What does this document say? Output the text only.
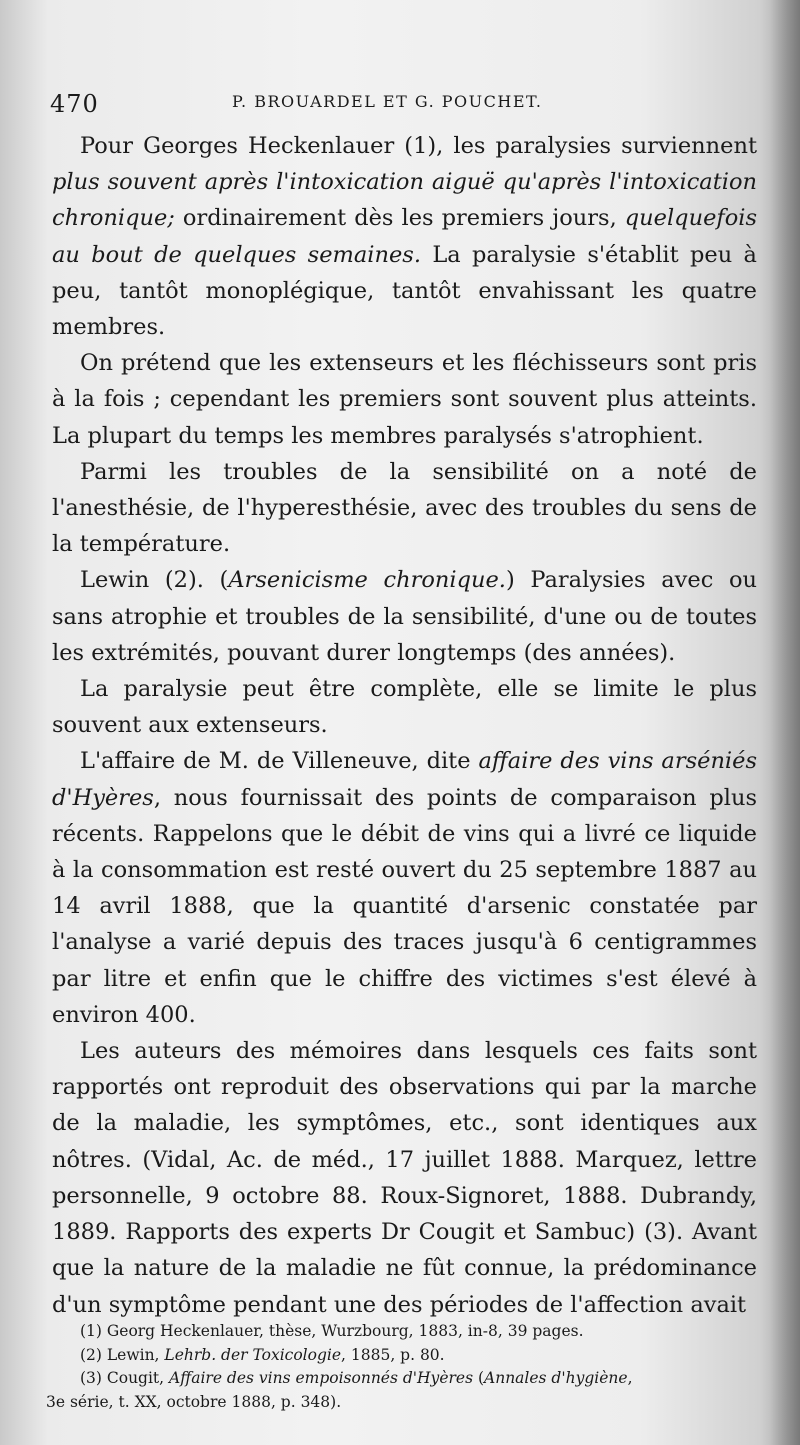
470	P. BROUARDEL ET G. POUCHET.

Pour Georges Heckenlauer (1), les paralysies surviennent plus souvent après l'intoxication aiguë qu'après l'intoxication chronique; ordinairement dès les premiers jours, quelquefois au bout de quelques semaines. La paralysie s'établit peu à peu, tantôt monoplégique, tantôt envahissant les quatre membres.

On prétend que les extenseurs et les fléchisseurs sont pris à la fois ; cependant les premiers sont souvent plus atteints. La plupart du temps les membres paralysés s'atrophient.

Parmi les troubles de la sensibilité on a noté de l'anesthésie, de l'hyperesthésie, avec des troubles du sens de la température.

Lewin (2). (Arsenicisme chronique.) Paralysies avec ou sans atrophie et troubles de la sensibilité, d'une ou de toutes les extrémités, pouvant durer longtemps (des années).

La paralysie peut être complète, elle se limite le plus souvent aux extenseurs.

L'affaire de M. de Villeneuve, dite affaire des vins arséniés d'Hyères, nous fournissait des points de comparaison plus récents. Rappelons que le débit de vins qui a livré ce liquide à la consommation est resté ouvert du 25 septembre 1887 au 14 avril 1888, que la quantité d'arsenic constatée par l'analyse a varié depuis des traces jusqu'à 6 centigrammes par litre et enfin que le chiffre des victimes s'est élevé à environ 400.

Les auteurs des mémoires dans lesquels ces faits sont rapportés ont reproduit des observations qui par la marche de la maladie, les symptômes, etc., sont identiques aux nôtres. (Vidal, Ac. de méd., 17 juillet 1888. Marquez, lettre personnelle, 9 octobre 88. Roux-Signoret, 1888. Dubrandy, 1889. Rapports des experts Dr Cougit et Sambuc) (3). Avant que la nature de la maladie ne fût connue, la prédominance d'un symptôme pendant une des périodes de l'affection avait

(1) Georg Heckenlauer, thèse, Wurzbourg, 1883, in-8, 39 pages.

(2) Lewin, Lehrb. der Toxicologie, 1885, p. 80.

(3) Cougit, Affaire des vins empoisonnés d'Hyères (Annales d'hygiène,

3e série, t. XX, octobre 1888, p. 348).
